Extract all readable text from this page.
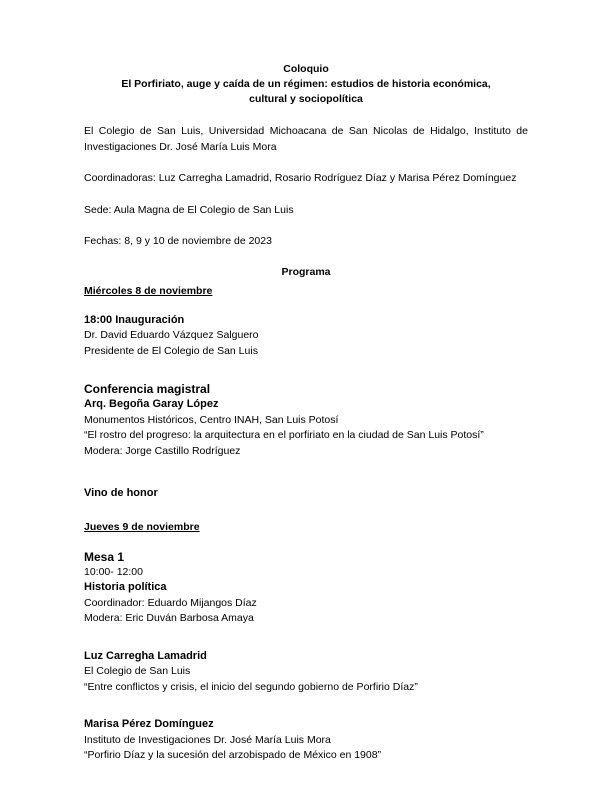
Coloquio
El Porfiriato, auge y caída de un régimen: estudios de historia económica,
cultural y sociopolítica

El Colegio de San Luis, Universidad Michoacana de San Nicolas de Hidalgo, Instituto de Investigaciones Dr. José María Luis Mora

Coordinadoras: Luz Carregha Lamadrid, Rosario Rodríguez Díaz y Marisa Pérez Domínguez

Sede: Aula Magna de El Colegio de San Luis

Fechas: 8, 9 y 10 de noviembre de 2023

Programa
Miércoles 8 de noviembre
18:00 Inauguración
Dr. David Eduardo Vázquez Salguero
Presidente de El Colegio de San Luis
Conferencia magistral
Arq. Begoña Garay López
Monumentos Históricos, Centro INAH, San Luis Potosí
“El rostro del progreso: la arquitectura en el porfiriato en la ciudad de San Luis Potosí”
Modera: Jorge Castillo Rodríguez
Vino de honor
Jueves 9 de noviembre
Mesa 1
10:00- 12:00
Historia política
Coordinador: Eduardo Mijangos Díaz
Modera: Eric Duván Barbosa Amaya
Luz Carregha Lamadrid
El Colegio de San Luis
“Entre conflictos y crisis, el inicio del segundo gobierno de Porfirio Díaz”
Marisa Pérez Domínguez
Instituto de Investigaciones Dr. José María Luis Mora
“Porfirio Díaz y la sucesión del arzobispado de México en 1908”
